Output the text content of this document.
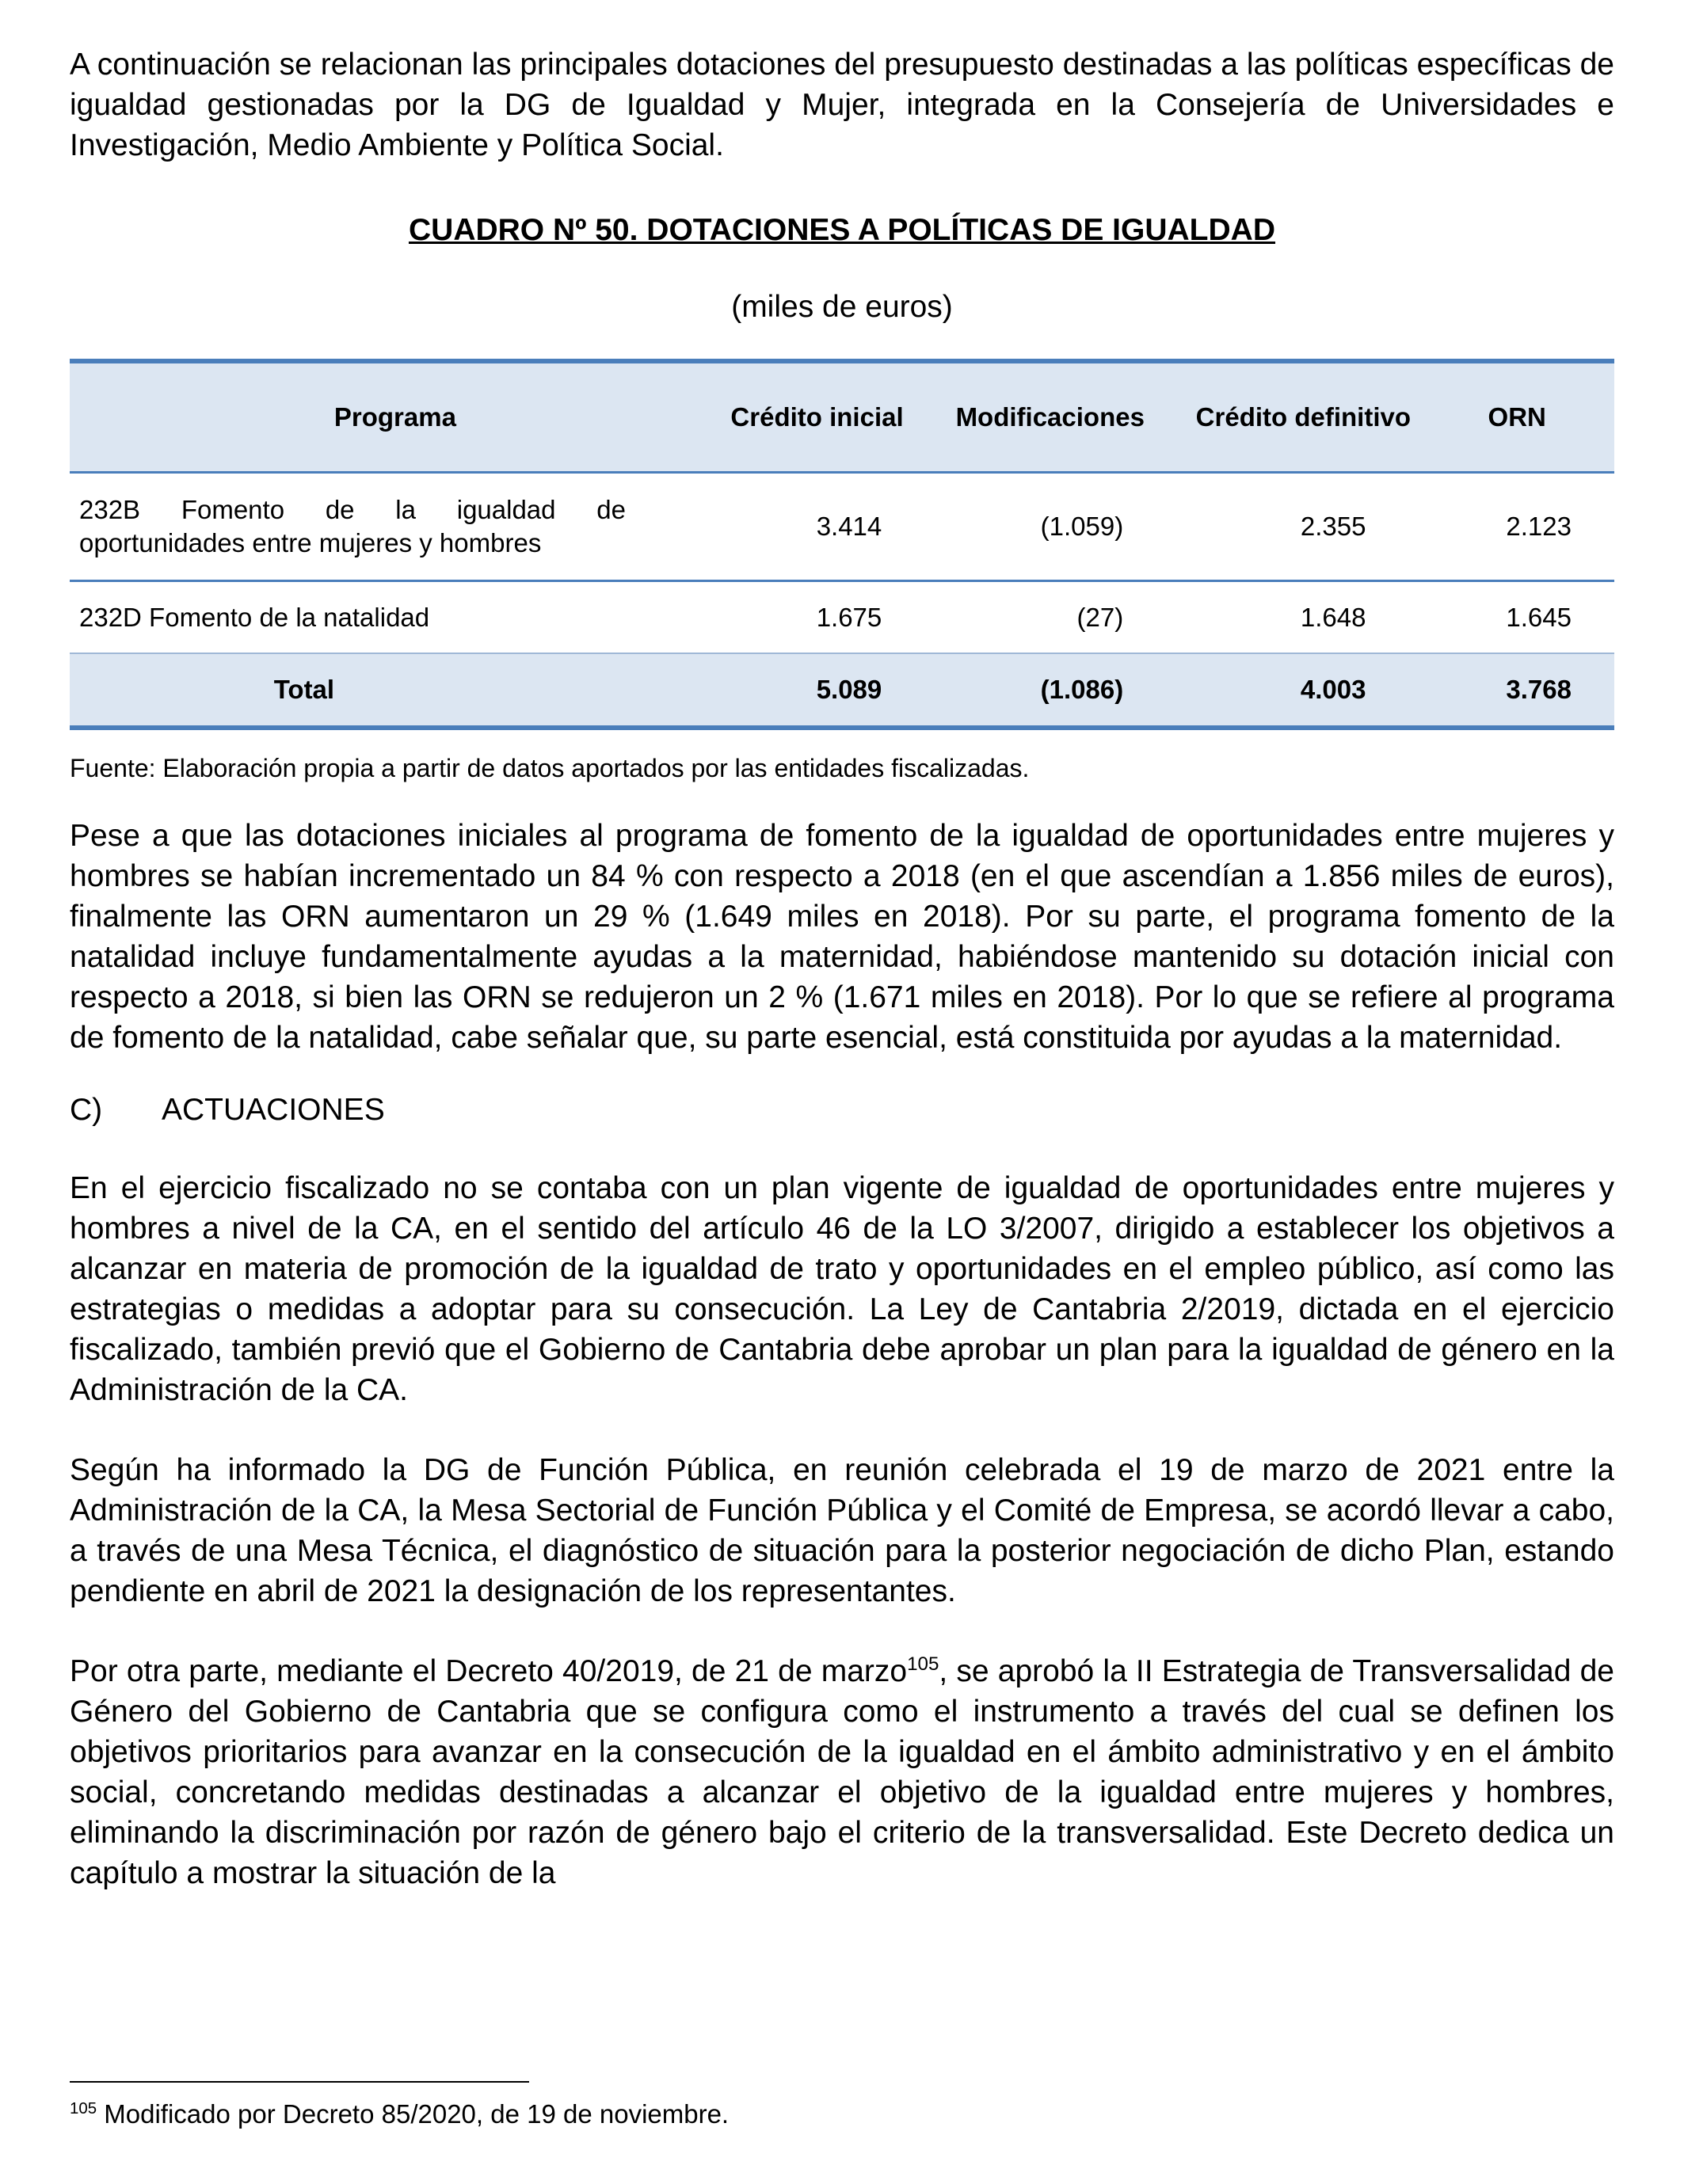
A continuación se relacionan las principales dotaciones del presupuesto destinadas a las políticas específicas de igualdad gestionadas por la DG de Igualdad y Mujer, integrada en la Consejería de Universidades e Investigación, Medio Ambiente y Política Social.

CUADRO Nº 50. DOTACIONES A POLÍTICAS DE IGUALDAD

(miles de euros)

Programa	Crédito inicial	Modificaciones	Crédito definitivo	ORN

232B Fomento de la igualdad de oportunidades entre mujeres y hombres	3.414	(1.059)	2.355	2.123
232D Fomento de la natalidad	1.675	(27)	1.648	1.645
Total	5.089	(1.086)	4.003	3.768

Fuente: Elaboración propia a partir de datos aportados por las entidades fiscalizadas.

Pese a que las dotaciones iniciales al programa de fomento de la igualdad de oportunidades entre mujeres y hombres se habían incrementado un 84 % con respecto a 2018 (en el que ascendían a 1.856 miles de euros), finalmente las ORN aumentaron un 29 % (1.649 miles en 2018). Por su parte, el programa fomento de la natalidad incluye fundamentalmente ayudas a la maternidad, habiéndose mantenido su dotación inicial con respecto a 2018, si bien las ORN se redujeron un 2 % (1.671 miles en 2018). Por lo que se refiere al programa de fomento de la natalidad, cabe señalar que, su parte esencial, está constituida por ayudas a la maternidad.

C) ACTUACIONES

En el ejercicio fiscalizado no se contaba con un plan vigente de igualdad de oportunidades entre mujeres y hombres a nivel de la CA, en el sentido del artículo 46 de la LO 3/2007, dirigido a establecer los objetivos a alcanzar en materia de promoción de la igualdad de trato y oportunidades en el empleo público, así como las estrategias o medidas a adoptar para su consecución. La Ley de Cantabria 2/2019, dictada en el ejercicio fiscalizado, también previó que el Gobierno de Cantabria debe aprobar un plan para la igualdad de género en la Administración de la CA.

Según ha informado la DG de Función Pública, en reunión celebrada el 19 de marzo de 2021 entre la Administración de la CA, la Mesa Sectorial de Función Pública y el Comité de Empresa, se acordó llevar a cabo, a través de una Mesa Técnica, el diagnóstico de situación para la posterior negociación de dicho Plan, estando pendiente en abril de 2021 la designación de los representantes.

Por otra parte, mediante el Decreto 40/2019, de 21 de marzo$^{105}$, se aprobó la II Estrategia de Transversalidad de Género del Gobierno de Cantabria que se configura como el instrumento a través del cual se definen los objetivos prioritarios para avanzar en la consecución de la igualdad en el ámbito administrativo y en el ámbito social, concretando medidas destinadas a alcanzar el objetivo de la igualdad entre mujeres y hombres, eliminando la discriminación por razón de género bajo el criterio de la transversalidad. Este Decreto dedica un capítulo a mostrar la situación de la

$^{105}$ Modificado por Decreto 85/2020, de 19 de noviembre.
